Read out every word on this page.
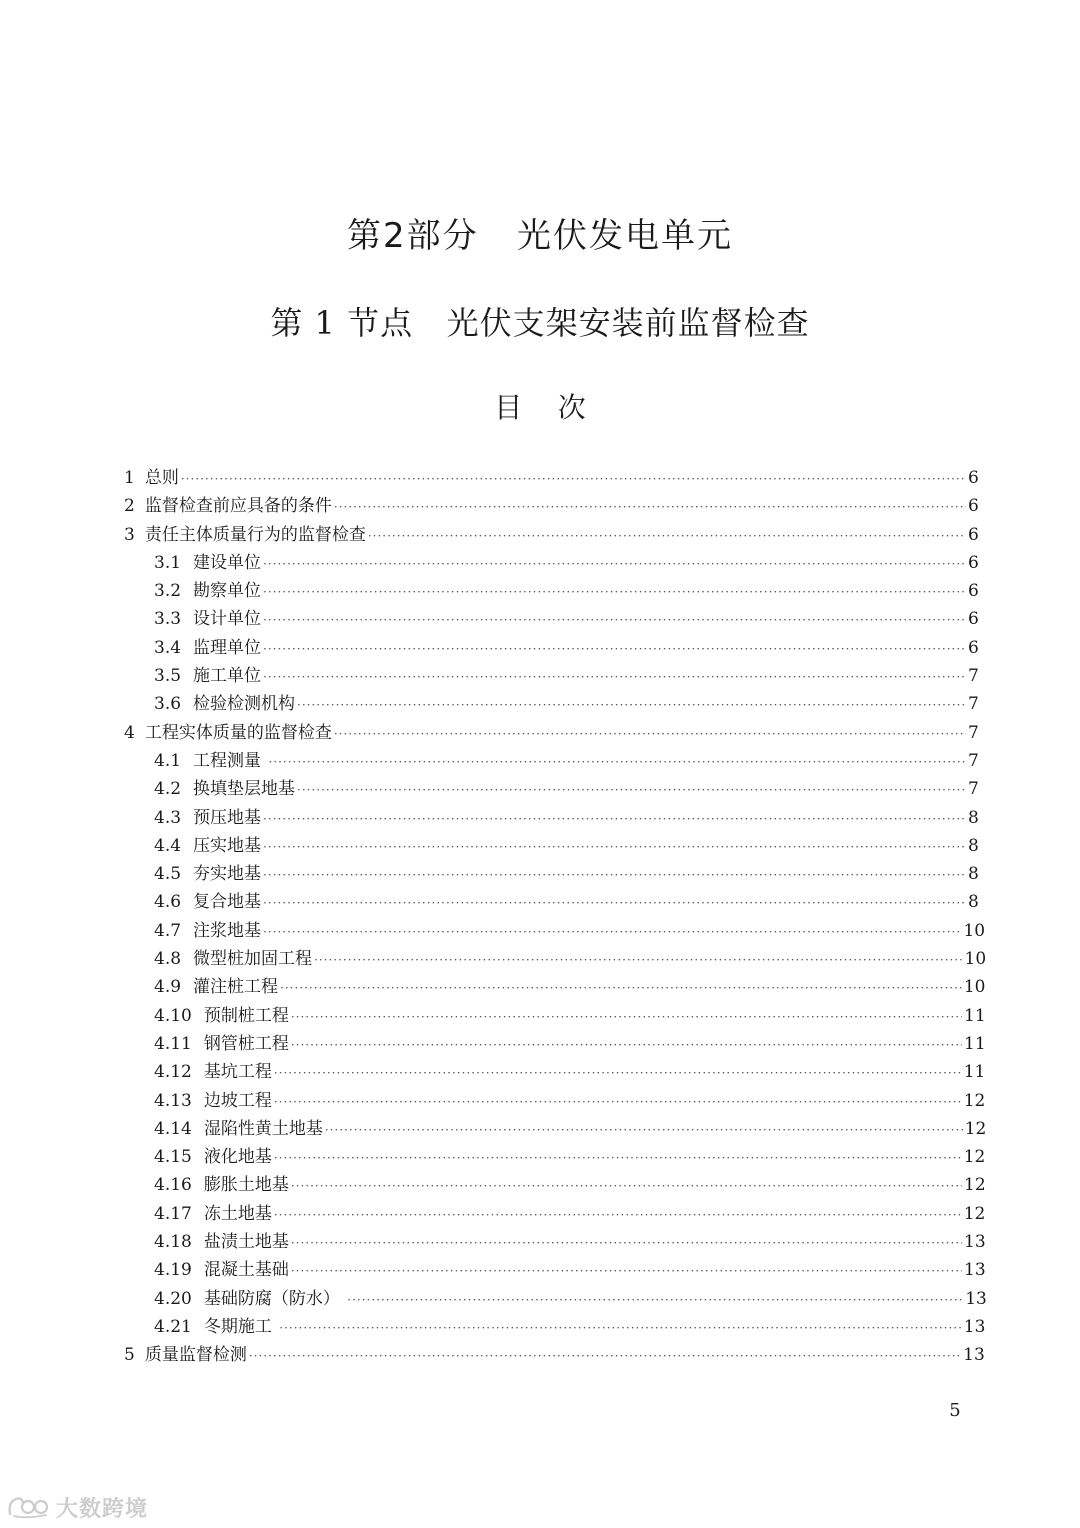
第2部分   光伏发电单元
第 1 节点   光伏支架安装前监督检查
目    次
1 总则 ·····	6
2 监督检查前应具备的条件 ·····	6
3 责任主体质量行为的监督检查 ·····	6
3.1 建设单位 ·····	6
3.2 勘察单位 ·····	6
3.3 设计单位 ·····	6
3.4 监理单位 ·····	6
3.5 施工单位 ·····	7
3.6 检验检测机构 ·····	7
4 工程实体质量的监督检查 ·····	7
4.1 工程测量 ·····	7
4.2 换填垫层地基 ·····	7
4.3 预压地基 ·····	8
4.4 压实地基 ·····	8
4.5 夯实地基 ·····	8
4.6 复合地基 ·····	8
4.7 注浆地基 ·····	10
4.8 微型桩加固工程 ·····	10
4.9 灌注桩工程 ·····	10
4.10 预制桩工程 ·····	11
4.11 钢管桩工程 ·····	11
4.12 基坑工程 ·····	11
4.13 边坡工程 ·····	12
4.14 湿陷性黄土地基 ·····	12
4.15 液化地基 ·····	12
4.16 膨胀土地基 ·····	12
4.17 冻土地基 ·····	12
4.18 盐渍土地基 ·····	13
4.19 混凝土基础 ·····	13
4.20 基础防腐（防水） ·····	13
4.21 冬期施工 ·····	13
5 质量监督检测 ·····	13
5
大数跨境
